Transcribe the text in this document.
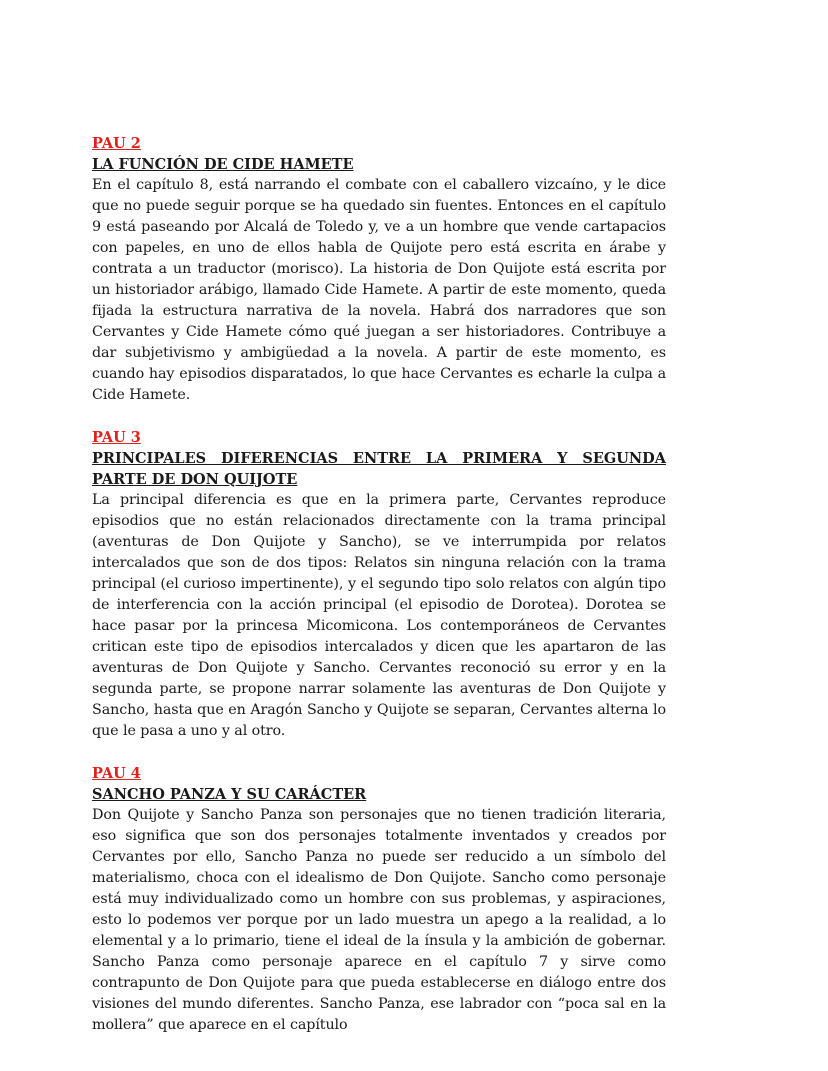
PAU 2

LA FUNCIÓN DE CIDE HAMETE

En el capítulo 8, está narrando el combate con el caballero vizcaíno, y le dice que no puede seguir porque se ha quedado sin fuentes. Entonces en el capítulo 9 está paseando por Alcalá de Toledo y, ve a un hombre que vende cartapacios con papeles, en uno de ellos habla de Quijote pero está escrita en árabe y contrata a un traductor (morisco). La historia de Don Quijote está escrita por un historiador arábigo, llamado Cide Hamete. A partir de este momento, queda fijada la estructura narrativa de la novela. Habrá dos narradores que son Cervantes y Cide Hamete cómo qué juegan a ser historiadores. Contribuye a dar subjetivismo y ambigüedad a la novela. A partir de este momento, es cuando hay episodios disparatados, lo que hace Cervantes es echarle la culpa a Cide Hamete.

PAU 3

PRINCIPALES DIFERENCIAS ENTRE LA PRIMERA Y SEGUNDA PARTE DE DON QUIJOTE

La principal diferencia es que en la primera parte, Cervantes reproduce episodios que no están relacionados directamente con la trama principal (aventuras de Don Quijote y Sancho), se ve interrumpida por relatos intercalados que son de dos tipos: Relatos sin ninguna relación con la trama principal (el curioso impertinente), y el segundo tipo solo relatos con algún tipo de interferencia con la acción principal (el episodio de Dorotea). Dorotea se hace pasar por la princesa Micomicona. Los contemporáneos de Cervantes critican este tipo de episodios intercalados y dicen que les apartaron de las aventuras de Don Quijote y Sancho. Cervantes reconoció su error y en la segunda parte, se propone narrar solamente las aventuras de Don Quijote y Sancho, hasta que en Aragón Sancho y Quijote se separan, Cervantes alterna lo que le pasa a uno y al otro.

PAU 4

SANCHO PANZA Y SU CARÁCTER

Don Quijote y Sancho Panza son personajes que no tienen tradición literaria, eso significa que son dos personajes totalmente inventados y creados por Cervantes por ello, Sancho Panza no puede ser reducido a un símbolo del materialismo, choca con el idealismo de Don Quijote. Sancho como personaje está muy individualizado como un hombre con sus problemas, y aspiraciones, esto lo podemos ver porque por un lado muestra un apego a la realidad, a lo elemental y a lo primario, tiene el ideal de la ínsula y la ambición de gobernar. Sancho Panza como personaje aparece en el capítulo 7 y sirve como contrapunto de Don Quijote para que pueda establecerse en diálogo entre dos visiones del mundo diferentes. Sancho Panza, ese labrador con “poca sal en la mollera” que aparece en el capítulo
